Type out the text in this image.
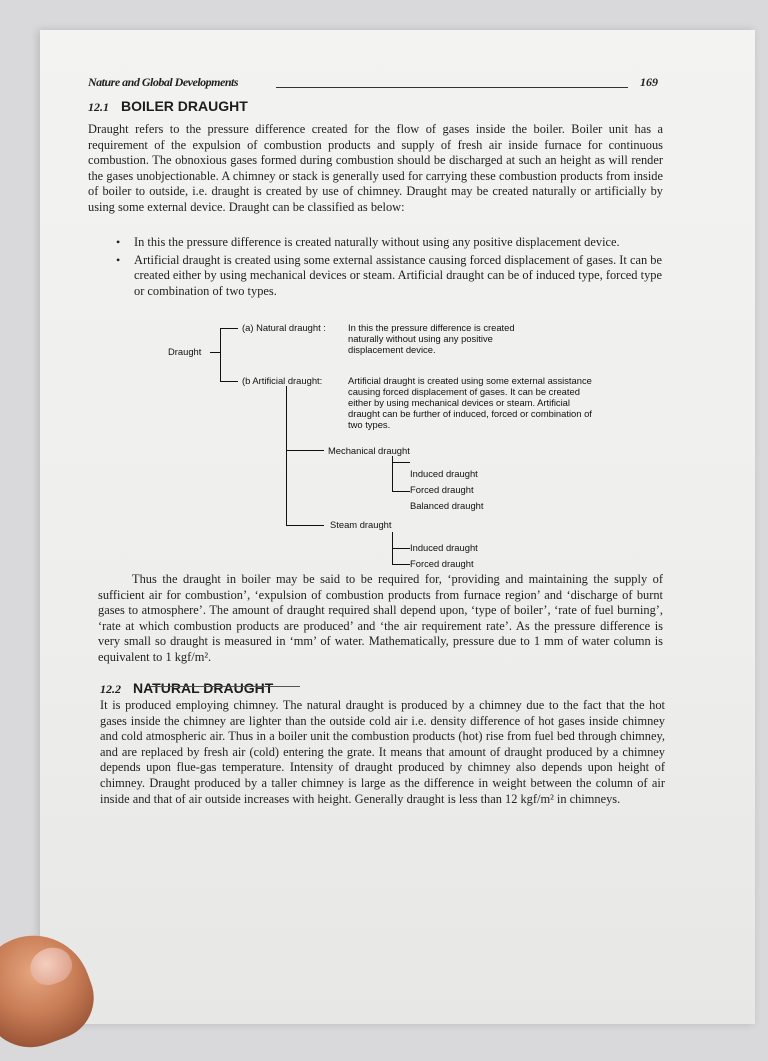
Nature and Global Developments	169
12.1 BOILER DRAUGHT
Draught refers to the pressure difference created for the flow of gases inside the boiler. Boiler unit has a requirement of the expulsion of combustion products and supply of fresh air inside furnace for continuous combustion. The obnoxious gases formed during combustion should be discharged at such an height as will render the gases unobjectionable. A chimney or stack is generally used for carrying these combustion products from inside of boiler to outside, i.e. draught is created by use of chimney. Draught may be created naturally or artificially by using some external device. Draught can be classified as below:
• In this the pressure difference is created naturally without using any positive displacement device.
• Artificial draught is created using some external assistance causing forced displacement of gases. It can be created either by using mechanical devices or steam. Artificial draught can be of induced type, forced type or combination of two types.
Draught
(a) Natural draught : In this the pressure difference is created naturally without using any positive displacement device.
(b Artificial draught:	Artificial draught is created using some external assistance causing forced displacement of gases. It can be created either by using mechanical devices or steam. Artificial draught can be further of induced, forced or combination of two types.
Mechanical draught
Steam draught
Induced draught
Forced draught
Balanced draught
Induced draught
Forced draught
Thus the draught in boiler may be said to be required for, ‘providing and maintaining the supply of sufficient air for combustion’, ‘expulsion of combustion products from furnace region’ and ‘discharge of burnt gases to atmosphere’. The amount of draught required shall depend upon, ‘type of boiler’, ‘rate of fuel burning’, ‘rate at which combustion products are produced’ and ‘the air requirement rate’. As the pressure difference is very small so draught is measured in ‘mm’ of water. Mathematically, pressure due to 1 mm of water column is equivalent to 1 kgf/m².
12.2 NATURAL DRAUGHT
It is produced employing chimney. The natural draught is produced by a chimney due to the fact that the hot gases inside the chimney are lighter than the outside cold air i.e. density difference of hot gases inside chimney and cold atmospheric air. Thus in a boiler unit the combustion products (hot) rise from fuel bed through chimney, and are replaced by fresh air (cold) entering the grate. It means that amount of draught produced by a chimney depends upon flue-gas temperature. Intensity of draught produced by chimney also depends upon height of chimney. Draught produced by a taller chimney is large as the difference in weight between the column of air inside and that of air outside increases with height. Generally draught is less than 12 kgf/m² in chimneys.
